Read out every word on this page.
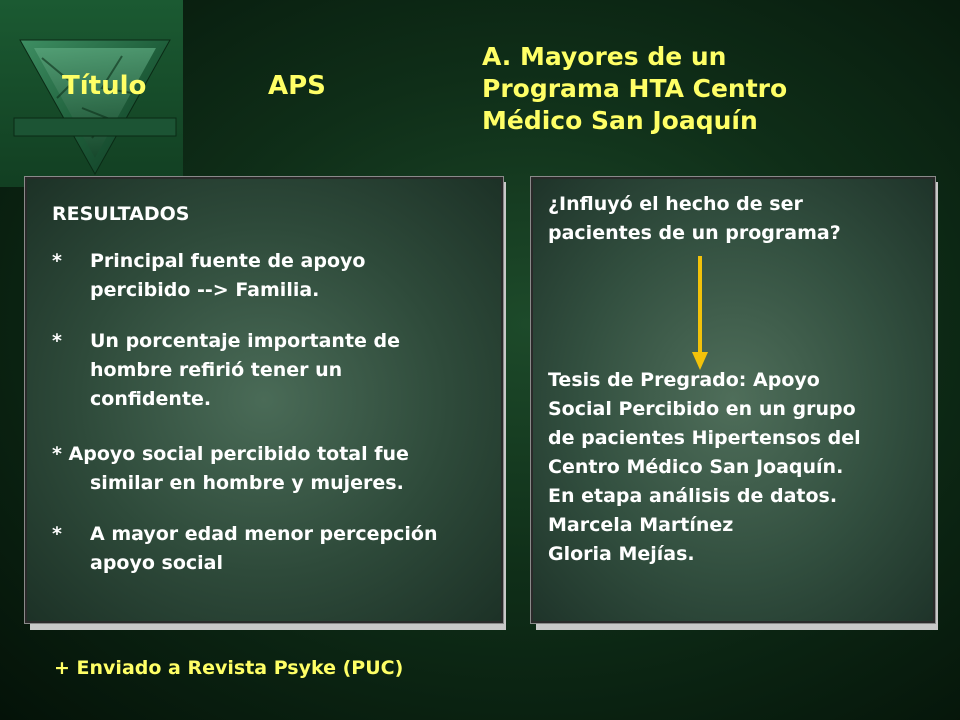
Título	APS
A. Mayores de un
Programa HTA Centro
Médico San Joaquín
RESULTADOS
* Principal fuente de apoyo
percibido --> Familia.
* Un porcentaje importante de
hombre refirió tener un
confidente.
* Apoyo social percibido total fue
similar en hombre y mujeres.
* A mayor edad menor percepción
apoyo social
¿Influyó el hecho de ser
pacientes de un programa?
Tesis de Pregrado: Apoyo
Social Percibido en un grupo
de pacientes Hipertensos del
Centro Médico San Joaquín.
En etapa análisis de datos.
Marcela Martínez
Gloria Mejías.
+ Enviado a Revista Psyke (PUC)
